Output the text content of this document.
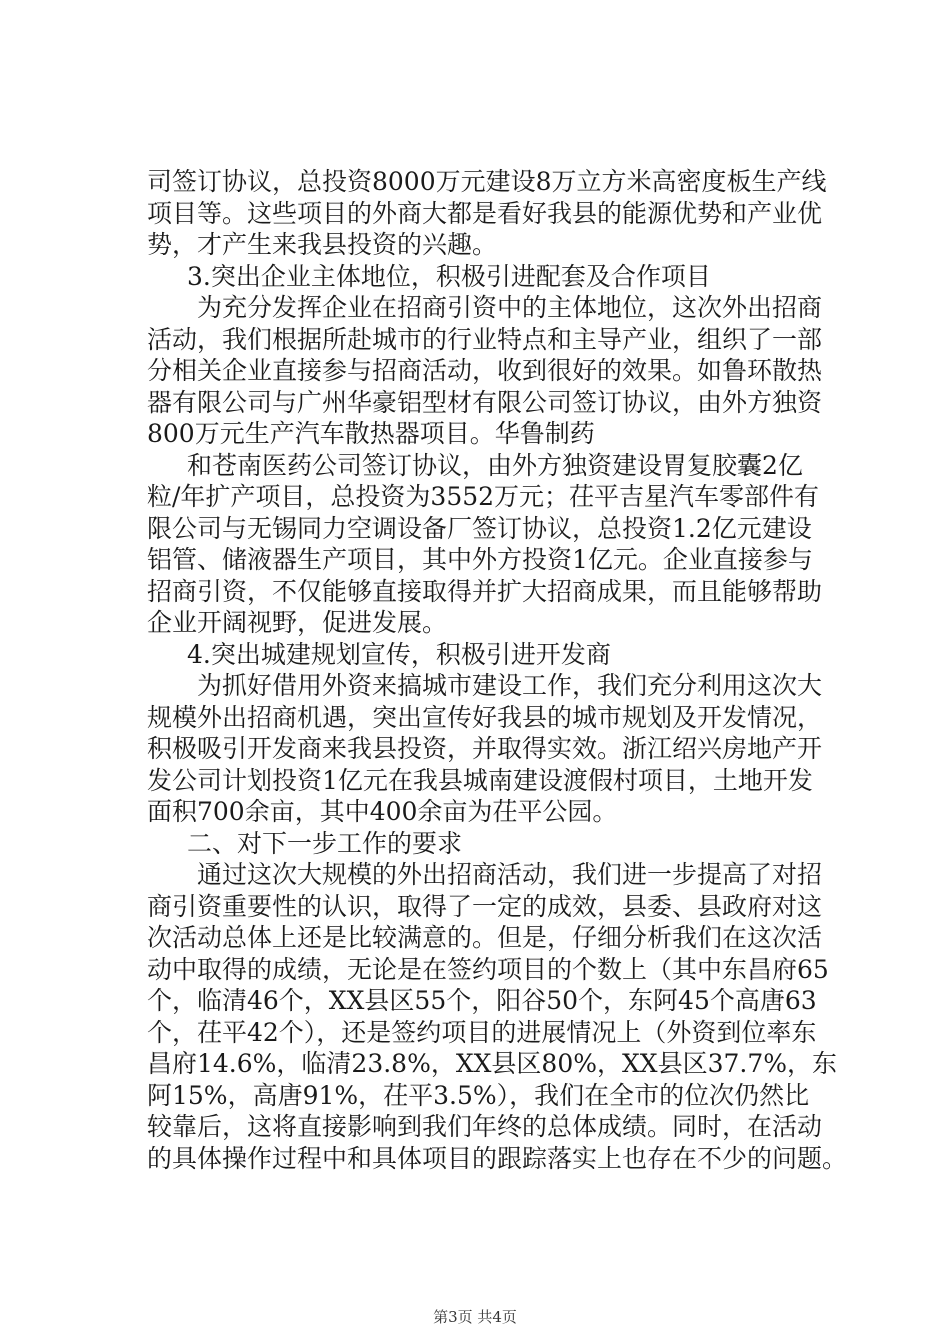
司签订协议，总投资8000万元建设8万立方米高密度板生产线

项目等。这些项目的外商大都是看好我县的能源优势和产业优

势，才产生来我县投资的兴趣。

3.突出企业主体地位，积极引进配套及合作项目

为充分发挥企业在招商引资中的主体地位，这次外出招商

活动，我们根据所赴城市的行业特点和主导产业，组织了一部

分相关企业直接参与招商活动，收到很好的效果。如鲁环散热

器有限公司与广州华豪铝型材有限公司签订协议，由外方独资

800万元生产汽车散热器项目。华鲁制药

和苍南医药公司签订协议，由外方独资建设胃复胶囊2亿

粒/年扩产项目，总投资为3552万元；茌平吉星汽车零部件有

限公司与无锡同力空调设备厂签订协议，总投资1.2亿元建设

铝管、储液器生产项目，其中外方投资1亿元。企业直接参与

招商引资，不仅能够直接取得并扩大招商成果，而且能够帮助

企业开阔视野，促进发展。

4.突出城建规划宣传，积极引进开发商

为抓好借用外资来搞城市建设工作，我们充分利用这次大

规模外出招商机遇，突出宣传好我县的城市规划及开发情况，

积极吸引开发商来我县投资，并取得实效。浙江绍兴房地产开

发公司计划投资1亿元在我县城南建设渡假村项目，土地开发

面积700余亩，其中400余亩为茌平公园。

二、对下一步工作的要求

通过这次大规模的外出招商活动，我们进一步提高了对招

商引资重要性的认识，取得了一定的成效，县委、县政府对这

次活动总体上还是比较满意的。但是，仔细分析我们在这次活

动中取得的成绩，无论是在签约项目的个数上（其中东昌府65

个，临清46个，XX县区55个，阳谷50个，东阿45个高唐63

个，茌平42个），还是签约项目的进展情况上（外资到位率东

昌府14.6%，临清23.8%，XX县区80%，XX县区37.7%，东

阿15%，高唐91%，茌平3.5%），我们在全市的位次仍然比

较靠后，这将直接影响到我们年终的总体成绩。同时，在活动

的具体操作过程中和具体项目的跟踪落实上也存在不少的问题。

第3页 共4页
